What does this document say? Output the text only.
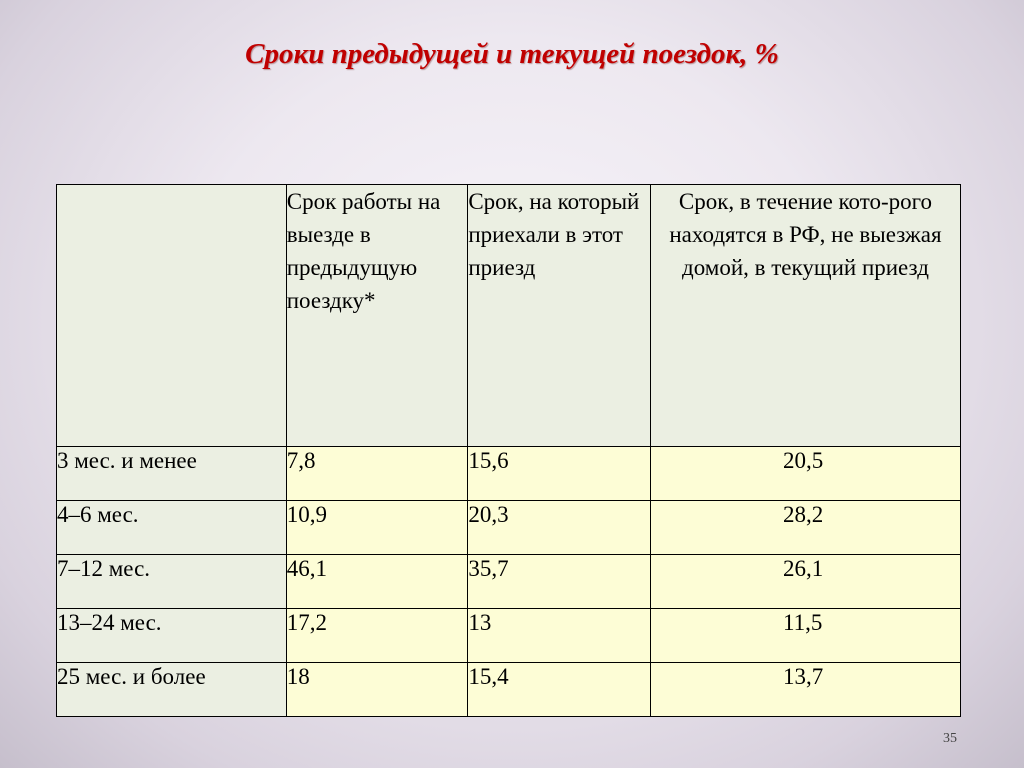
Сроки предыдущей и текущей поездок, %
	Срок работы на выезде в предыдущую поездку*	Срок, на который приехали в этот приезд	Срок, в течение кото-рого находятся в РФ, не выезжая домой, в текущий приезд
3 мес. и менее	7,8	15,6	20,5
4–6 мес.	10,9	20,3	28,2
7–12 мес.	46,1	35,7	26,1
13–24 мес.	17,2	13	11,5
25 мес. и более	18	15,4	13,7
35
